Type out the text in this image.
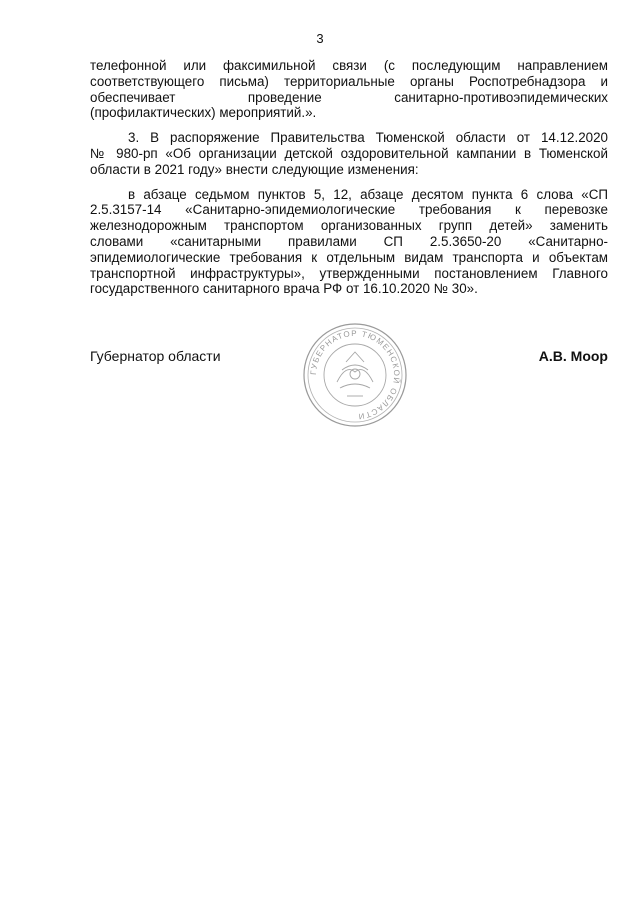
3
телефонной или факсимильной связи (с последующим направлением
соответствующего письма) территориальные органы Роспотребнадзора и
обеспечивает проведение санитарно-противоэпидемических
(профилактических) мероприятий.».
3. В распоряжение Правительства Тюменской области от 14.12.2020
№ 980-рп «Об организации детской оздоровительной кампании в Тюменской
области в 2021 году» внести следующие изменения:
в абзаце седьмом пунктов 5, 12, абзаце десятом пункта 6 слова «СП
2.5.3157-14 «Санитарно-эпидемиологические требования к перевозке
железнодорожным транспортом организованных групп детей» заменить
словами «санитарными правилами СП 2.5.3650-20 «Санитарно-
эпидемиологические требования к отдельным видам транспорта и объектам
транспортной инфраструктуры», утвержденными постановлением Главного
государственного санитарного врача РФ от 16.10.2020 № 30».
Губернатор области
ГУБЕРНАТОР ТЮМЕНСКОЙ ОБЛАСТИ
А.В. Моор
